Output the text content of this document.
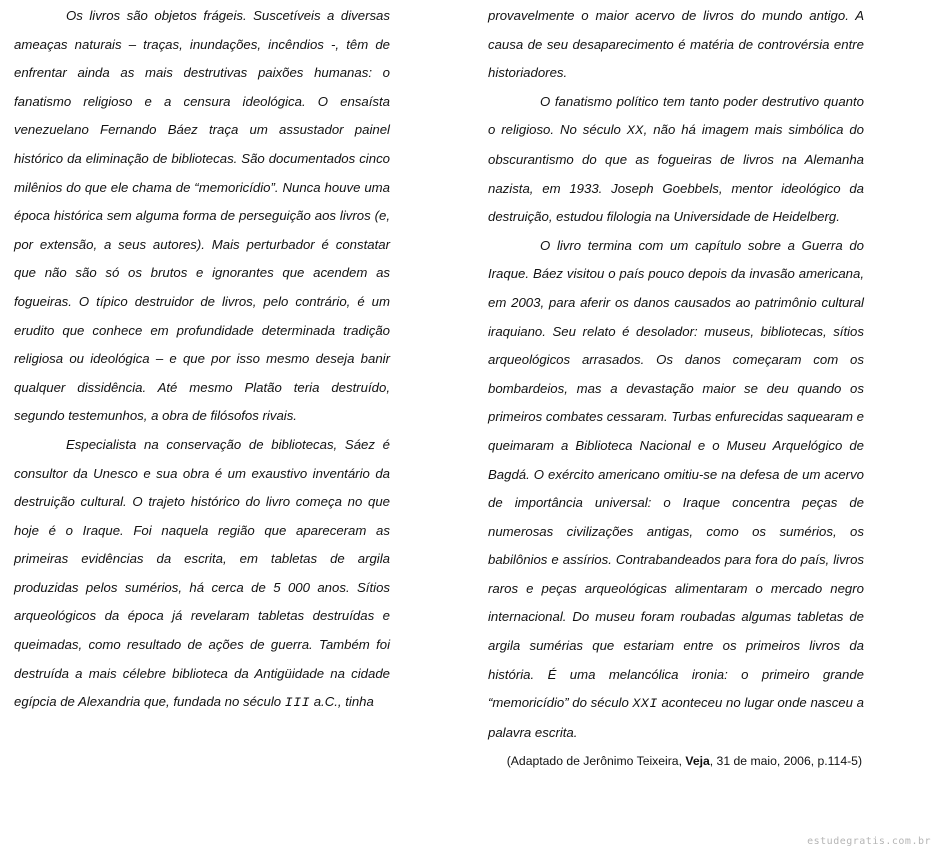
Os livros são objetos frágeis. Suscetíveis a diversas ameaças naturais – traças, inundações, incêndios -, têm de enfrentar ainda as mais destrutivas paixões humanas: o fanatismo religioso e a censura ideológica. O ensaísta venezuelano Fernando Báez traça um assustador painel histórico da eliminação de bibliotecas. São documentados cinco milênios do que ele chama de “memoricídio”. Nunca houve uma época histórica sem alguma forma de perseguição aos livros (e, por extensão, a seus autores). Mais perturbador é constatar que não são só os brutos e ignorantes que acendem as fogueiras. O típico destruidor de livros, pelo contrário, é um erudito que conhece em profundidade determinada tradição religiosa ou ideológica – e que por isso mesmo deseja banir qualquer dissidência. Até mesmo Platão teria destruído, segundo testemunhos, a obra de filósofos rivais.

Especialista na conservação de bibliotecas, Sáez é consultor da Unesco e sua obra é um exaustivo inventário da destruição cultural. O trajeto histórico do livro começa no que hoje é o Iraque. Foi naquela região que apareceram as primeiras evidências da escrita, em tabletas de argila produzidas pelos sumérios, há cerca de 5 000 anos. Sítios arqueológicos da época já revelaram tabletas destruídas e queimadas, como resultado de ações de guerra. Também foi destruída a mais célebre biblioteca da Antigüidade na cidade egípcia de Alexandria que, fundada no século III a.C., tinha

provavelmente o maior acervo de livros do mundo antigo. A causa de seu desaparecimento é matéria de controvérsia entre historiadores.

O fanatismo político tem tanto poder destrutivo quanto o religioso. No século XX, não há imagem mais simbólica do obscurantismo do que as fogueiras de livros na Alemanha nazista, em 1933. Joseph Goebbels, mentor ideológico da destruição, estudou filologia na Universidade de Heidelberg.

O livro termina com um capítulo sobre a Guerra do Iraque. Báez visitou o país pouco depois da invasão americana, em 2003, para aferir os danos causados ao patrimônio cultural iraquiano. Seu relato é desolador: museus, bibliotecas, sítios arqueológicos arrasados. Os danos começaram com os bombardeios, mas a devastação maior se deu quando os primeiros combates cessaram. Turbas enfurecidas saquearam e queimaram a Biblioteca Nacional e o Museu Arquelógico de Bagdá. O exército americano omitiu-se na defesa de um acervo de importância universal: o Iraque concentra peças de numerosas civilizações antigas, como os sumérios, os babilônios e assírios. Contrabandeados para fora do país, livros raros e peças arqueológicas alimentaram o mercado negro internacional. Do museu foram roubadas algumas tabletas de argila sumérias que estariam entre os primeiros livros da história. É uma melancólica ironia: o primeiro grande “memoricídio” do século XXI aconteceu no lugar onde nasceu a palavra escrita.

(Adaptado de Jerônimo Teixeira, Veja, 31 de maio, 2006, p.114-5)

estudegratis.com.br
